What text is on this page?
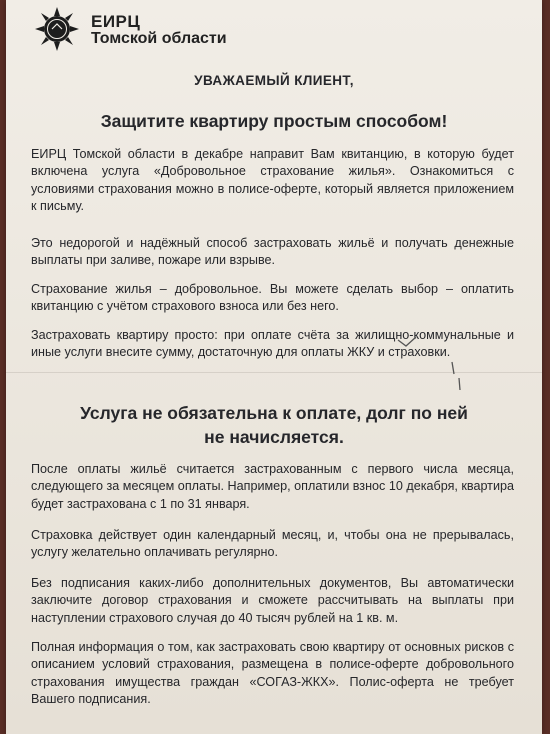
ЕИРЦ
Томской области
УВАЖАЕМЫЙ КЛИЕНТ,
Защитите квартиру простым способом!

ЕИРЦ Томской области в декабре направит Вам квитанцию, в которую будет включена услуга «Добровольное страхование жилья». Ознакомиться с условиями страхования можно в полисе-оферте, который является приложением к письму.

Это недорогой и надёжный способ застраховать жильё и получать денежные выплаты при заливе, пожаре или взрыве.

Страхование жилья – добровольное. Вы можете сделать выбор – оплатить квитанцию с учётом страхового взноса или без него.

Застраховать квартиру просто: при оплате счёта за жилищно-коммунальные и иные услуги внесите сумму, достаточную для оплаты ЖКУ и страховки.

Услуга не обязательна к оплате, долг по ней
не начисляется.

После оплаты жильё считается застрахованным с первого числа месяца, следующего за месяцем оплаты. Например, оплатили взнос 10 декабря, квартира будет застрахована с 1 по 31 января.

Страховка действует один календарный месяц, и, чтобы она не прерывалась, услугу желательно оплачивать регулярно.

Без подписания каких-либо дополнительных документов, Вы автоматически заключите договор страхования и сможете рассчитывать на выплаты при наступлении страхового случая до 40 тысяч рублей на 1 кв. м.

Полная информация о том, как застраховать свою квартиру от основных рисков с описанием условий страхования, размещена в полисе-оферте добровольного страхования имущества граждан «СОГАЗ-ЖКХ». Полис-оферта не требует Вашего подписания.
